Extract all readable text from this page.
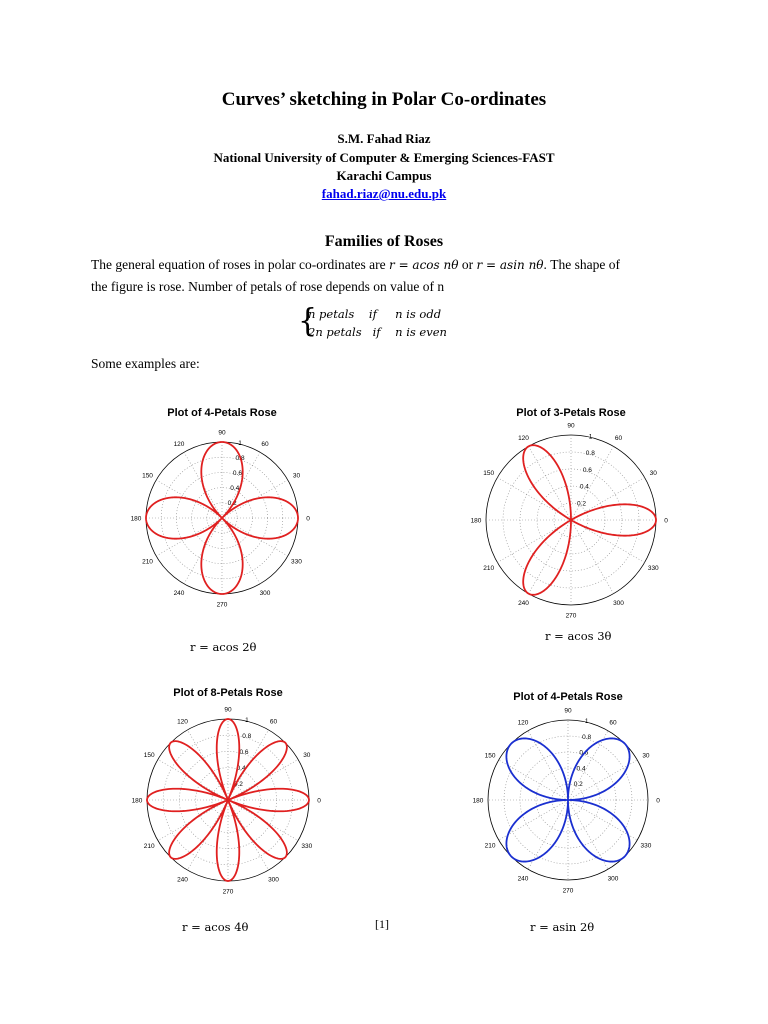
Curves’ sketching in Polar Co-ordinates
S.M. Fahad Riaz
National University of Computer & Emerging Sciences-FAST
Karachi Campus
fahad.riaz@nu.edu.pk
Families of Roses
The general equation of roses in polar co-ordinates are r = acos nθ or r = asin nθ. The shape of
the figure is rose. Number of petals of rose depends on value of n
{
n petals    if     n is odd
2n petals   if    n is even
Some examples are:
Plot of 4-Petals Rose
0
30
60
90
120
150
180
210
240
270
300
330
0.2
0.4
0.6
0.8
1
Plot of 3-Petals Rose
0
30
60
90
120
150
180
210
240
270
300
330
0.2
0.4
0.6
0.8
1
Plot of 8-Petals Rose
0
30
60
90
120
150
180
210
240
270
300
330
0.2
0.4
0.6
0.8
1
Plot of 4-Petals Rose
0
30
60
90
120
150
180
210
240
270
300
330
0.2
0.4
0.6
0.8
1
r = acos 2θ
r = acos 3θ
r = acos 4θ	r = asin 2θ
[1]
